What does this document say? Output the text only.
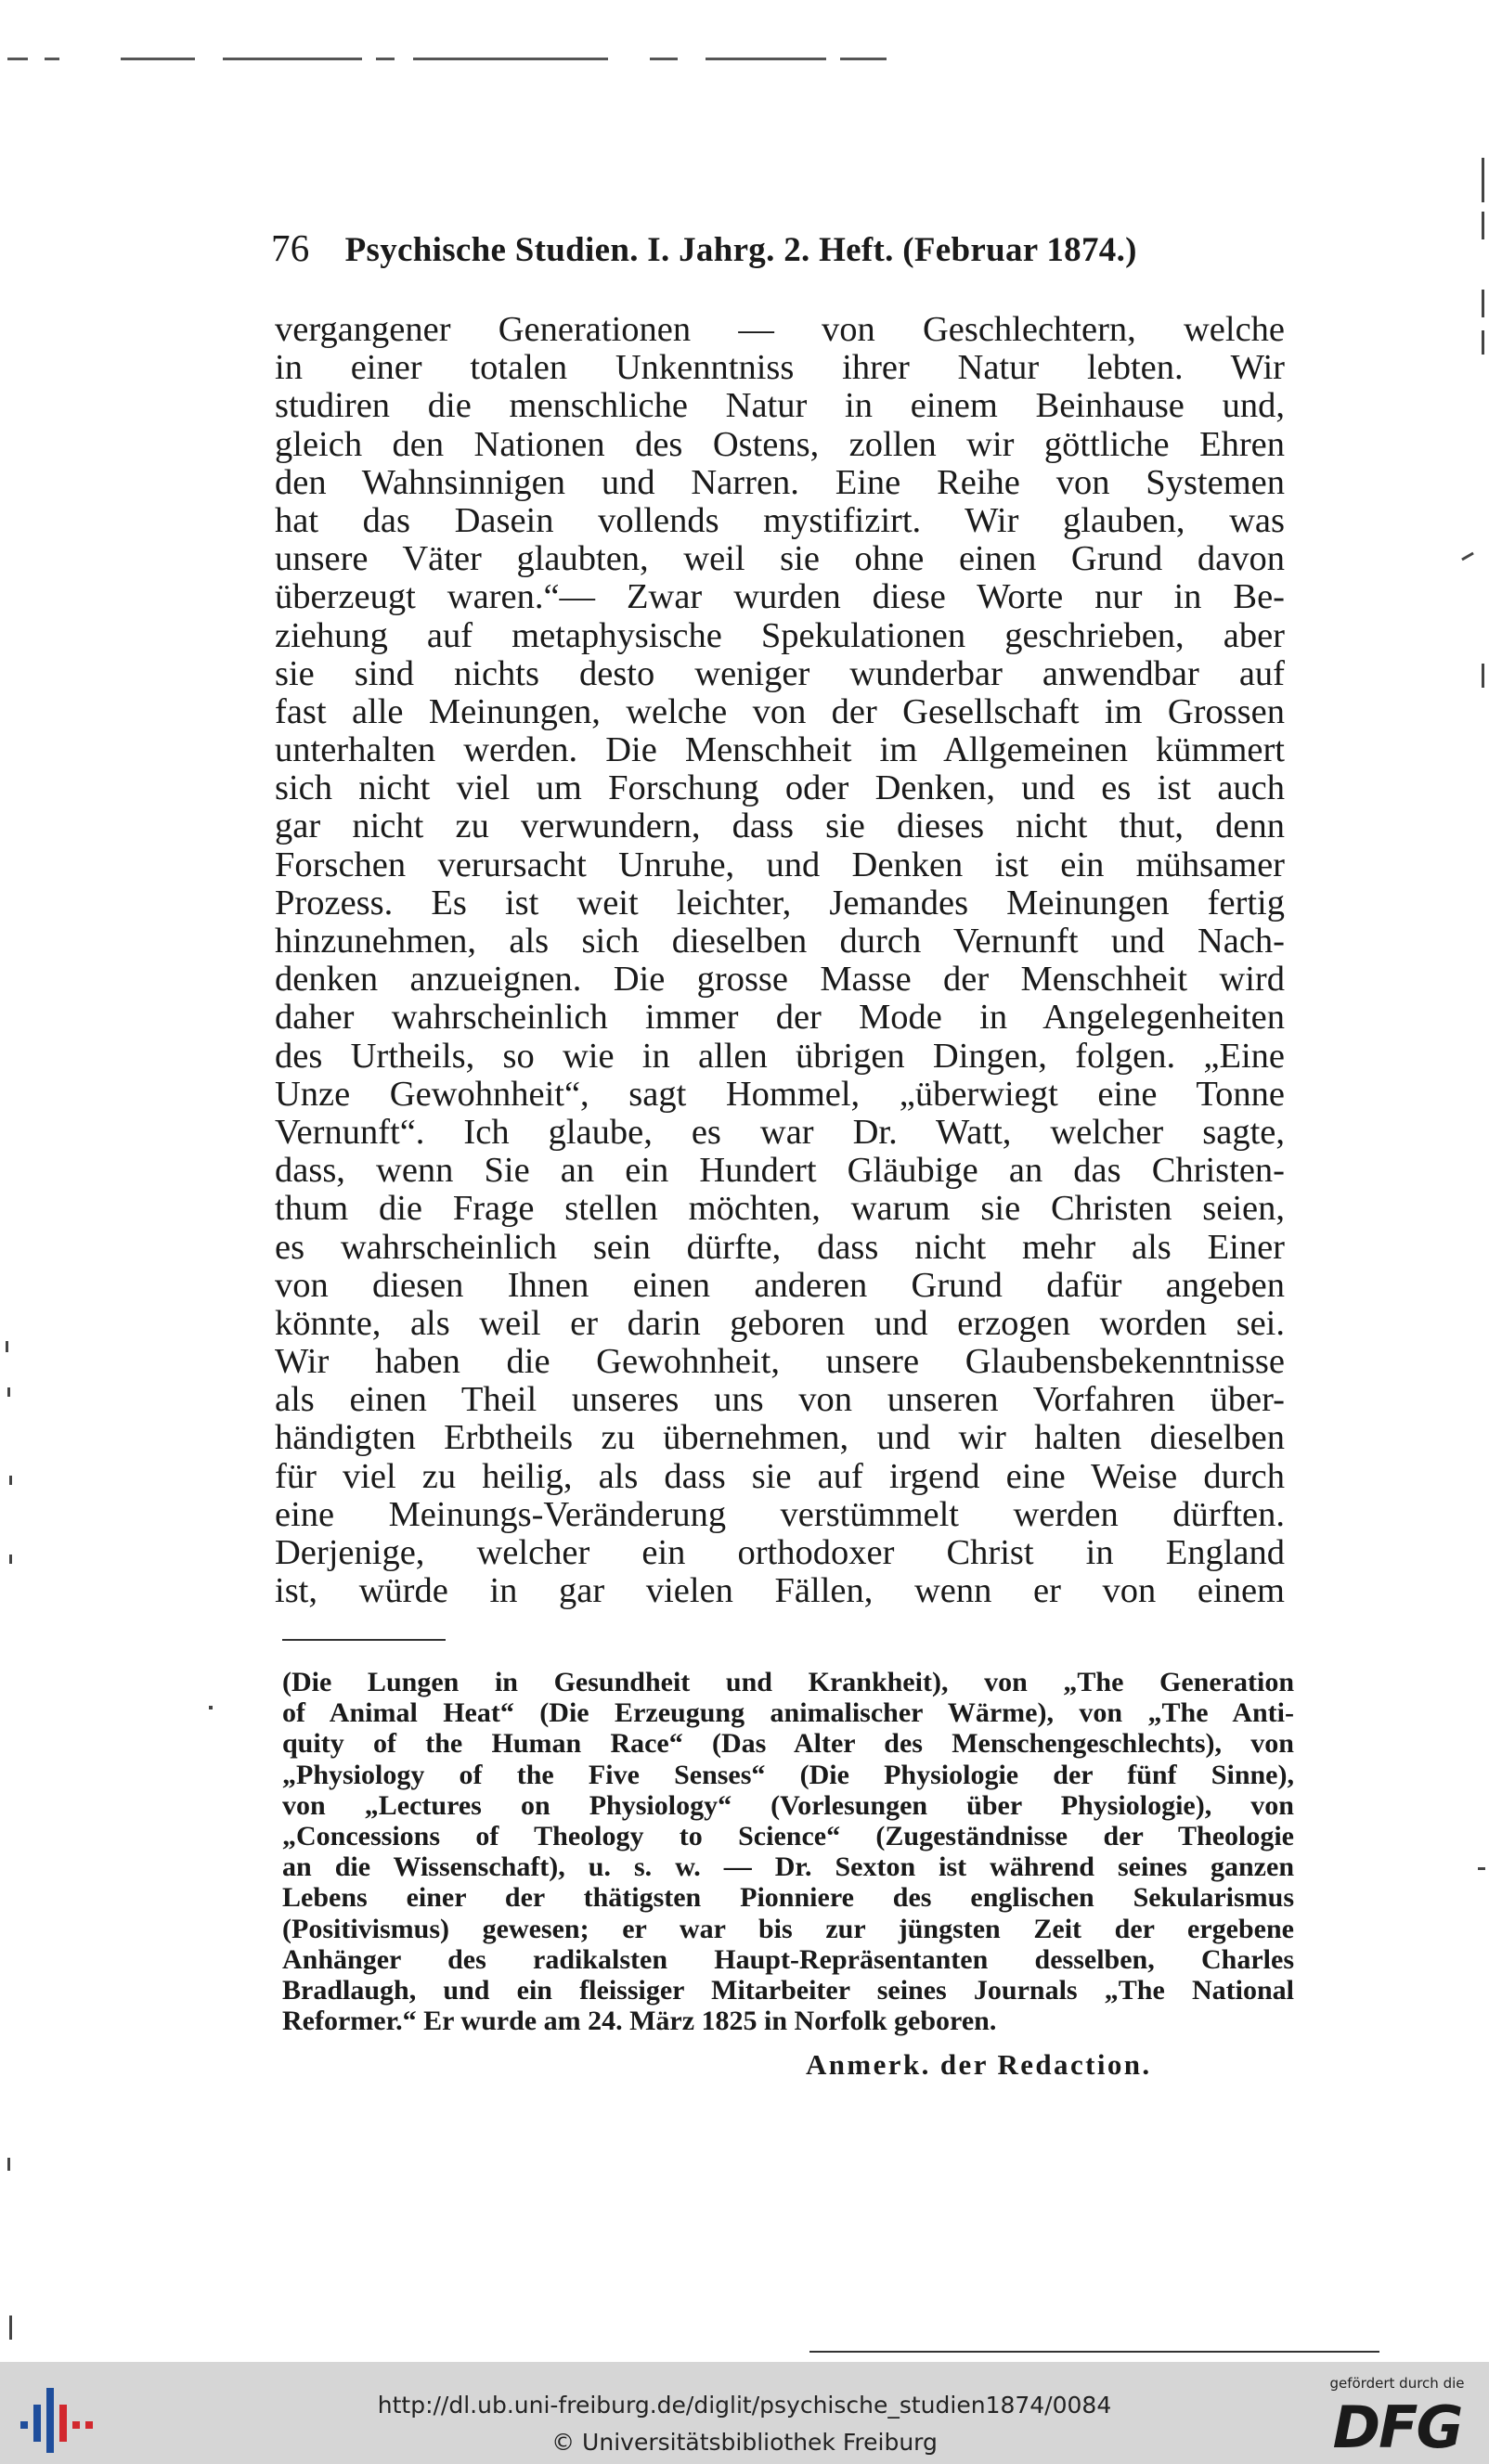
76 Psychische Studien. I. Jahrg. 2. Heft. (Februar 1874.)
vergangener Generationen — von Geschlechtern, welche
in einer totalen Unkenntniss ihrer Natur lebten. Wir
studiren die menschliche Natur in einem Beinhause und,
gleich den Nationen des Ostens, zollen wir göttliche Ehren
den Wahnsinnigen und Narren. Eine Reihe von Systemen
hat das Dasein vollends mystifizirt. Wir glauben, was
unsere Väter glaubten, weil sie ohne einen Grund davon
überzeugt waren.“— Zwar wurden diese Worte nur in Be-
ziehung auf metaphysische Spekulationen geschrieben, aber
sie sind nichts desto weniger wunderbar anwendbar auf
fast alle Meinungen, welche von der Gesellschaft im Grossen
unterhalten werden. Die Menschheit im Allgemeinen kümmert
sich nicht viel um Forschung oder Denken, und es ist auch
gar nicht zu verwundern, dass sie dieses nicht thut, denn
Forschen verursacht Unruhe, und Denken ist ein mühsamer
Prozess. Es ist weit leichter, Jemandes Meinungen fertig
hinzunehmen, als sich dieselben durch Vernunft und Nach-
denken anzueignen. Die grosse Masse der Menschheit wird
daher wahrscheinlich immer der Mode in Angelegenheiten
des Urtheils, so wie in allen übrigen Dingen, folgen. „Eine
Unze Gewohnheit“, sagt Hommel, „überwiegt eine Tonne
Vernunft“. Ich glaube, es war Dr. Watt, welcher sagte,
dass, wenn Sie an ein Hundert Gläubige an das Christen-
thum die Frage stellen möchten, warum sie Christen seien,
es wahrscheinlich sein dürfte, dass nicht mehr als Einer
von diesen Ihnen einen anderen Grund dafür angeben
könnte, als weil er darin geboren und erzogen worden sei.
Wir haben die Gewohnheit, unsere Glaubensbekenntnisse
als einen Theil unseres uns von unseren Vorfahren über-
händigten Erbtheils zu übernehmen, und wir halten dieselben
für viel zu heilig, als dass sie auf irgend eine Weise durch
eine Meinungs-Veränderung verstümmelt werden dürften.
Derjenige, welcher ein orthodoxer Christ in England
ist, würde in gar vielen Fällen, wenn er von einem
(Die Lungen in Gesundheit und Krankheit), von „The Generation
of Animal Heat“ (Die Erzeugung animalischer Wärme), von „The Anti-
quity of the Human Race“ (Das Alter des Menschengeschlechts), von
„Physiology of the Five Senses“ (Die Physiologie der fünf Sinne),
von „Lectures on Physiology“ (Vorlesungen über Physiologie), von
„Concessions of Theology to Science“ (Zugeständnisse der Theologie
an die Wissenschaft), u. s. w. — Dr. Sexton ist während seines ganzen
Lebens einer der thätigsten Pionniere des englischen Sekularismus
(Positivismus) gewesen; er war bis zur jüngsten Zeit der ergebene
Anhänger des radikalsten Haupt-Repräsentanten desselben, Charles
Bradlaugh, und ein fleissiger Mitarbeiter seines Journals „The National
Reformer.“ Er wurde am 24. März 1825 in Norfolk geboren.
Anmerk. der Redaction.
http://dl.ub.uni-freiburg.de/diglit/psychische_studien1874/0084
© Universitätsbibliothek Freiburg
gefördert durch die
DFG
